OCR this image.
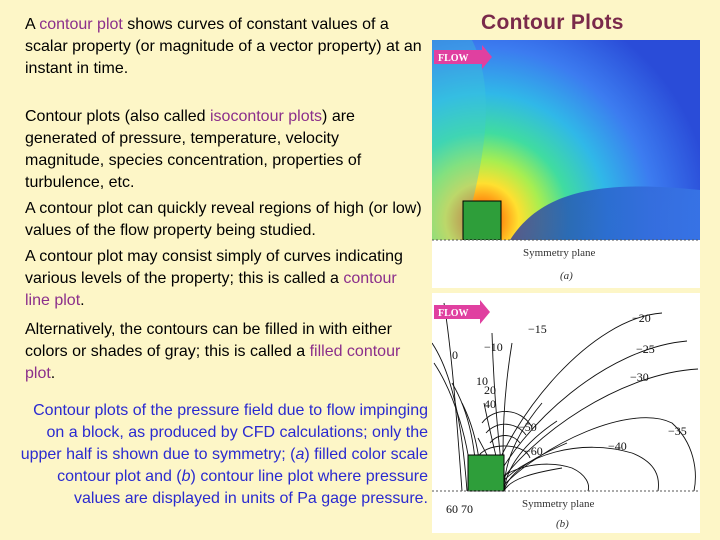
Contour Plots
A contour plot shows curves of constant values of a scalar property (or magnitude of a vector property) at an instant in time.
Contour plots (also called isocontour plots) are generated of pressure, temperature, velocity magnitude, species concentration, properties of turbulence, etc.
A contour plot can quickly reveal regions of high (or low) values of the flow property being studied.
A contour plot may consist simply of curves indicating various levels of the property; this is called a contour line plot.
Alternatively, the contours can be filled in with either colors or shades of gray; this is called a filled contour plot.
Contour plots of the pressure field due to flow impinging on a block, as produced by CFD calculations; only the upper half is shown due to symmetry; (a) filled color scale contour plot and (b) contour line plot where pressure values are displayed in units of Pa gage pressure.
FLOW
Symmetry plane
(a)
FLOW
−15
−20
−10	−25
−30
0
10
20
40
−50
−60	−40
−35
60 70	Symmetry plane
(b)
